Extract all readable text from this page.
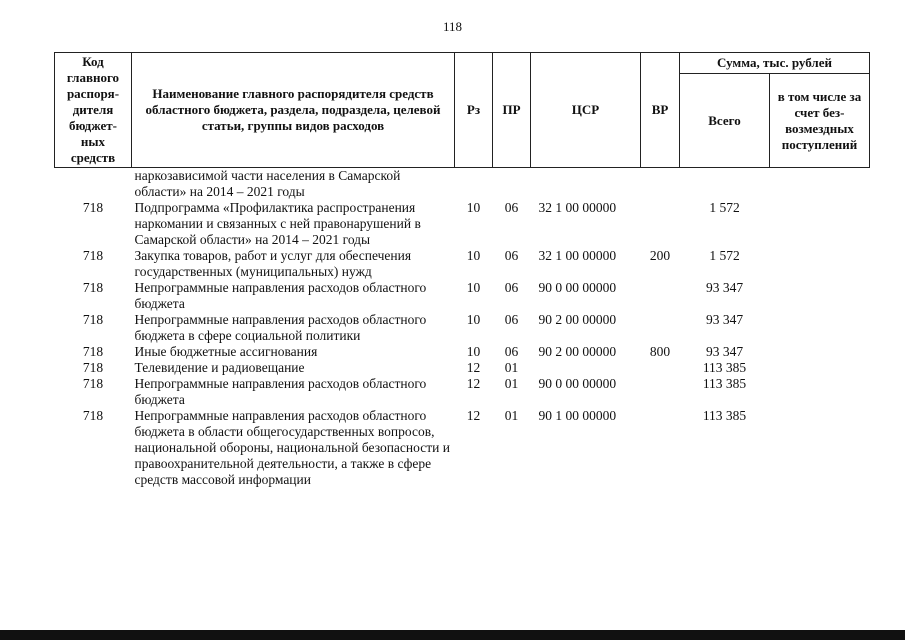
118
Код главного распоря-дителя бюджет-ных средств	Наименование главного распорядителя средств областного бюджета, раздела, подраздела, целевой статьи, группы видов расходов	Рз	ПР	ЦСР	ВР	Сумма, тыс. рублей	
						Всего	в том числе за счет без-возмездных поступлений
	наркозависимой части населения в Самарской области» на 2014 – 2021 годы						
718	Подпрограмма «Профилактика распространения наркомании и связанных с ней правонарушений в Самарской области» на 2014 – 2021 годы	10	06	32 1 00 00000		1 572	
718	Закупка товаров, работ и услуг для обеспечения государственных (муниципальных) нужд	10	06	32 1 00 00000	200	1 572	
718	Непрограммные направления расходов областного бюджета	10	06	90 0 00 00000		93 347	
718	Непрограммные направления расходов областного бюджета в сфере социальной политики	10	06	90 2 00 00000		93 347	
718	Иные бюджетные ассигнования	10	06	90 2 00 00000	800	93 347	
718	Телевидение и радиовещание	12	01			113 385	
718	Непрограммные направления расходов областного бюджета	12	01	90 0 00 00000		113 385	
718	Непрограммные направления расходов областного бюджета в области общегосударственных вопросов, национальной обороны, национальной безопасности и правоохранительной деятельности, а также в сфере средств массовой информации	12	01	90 1 00 00000		113 385	
